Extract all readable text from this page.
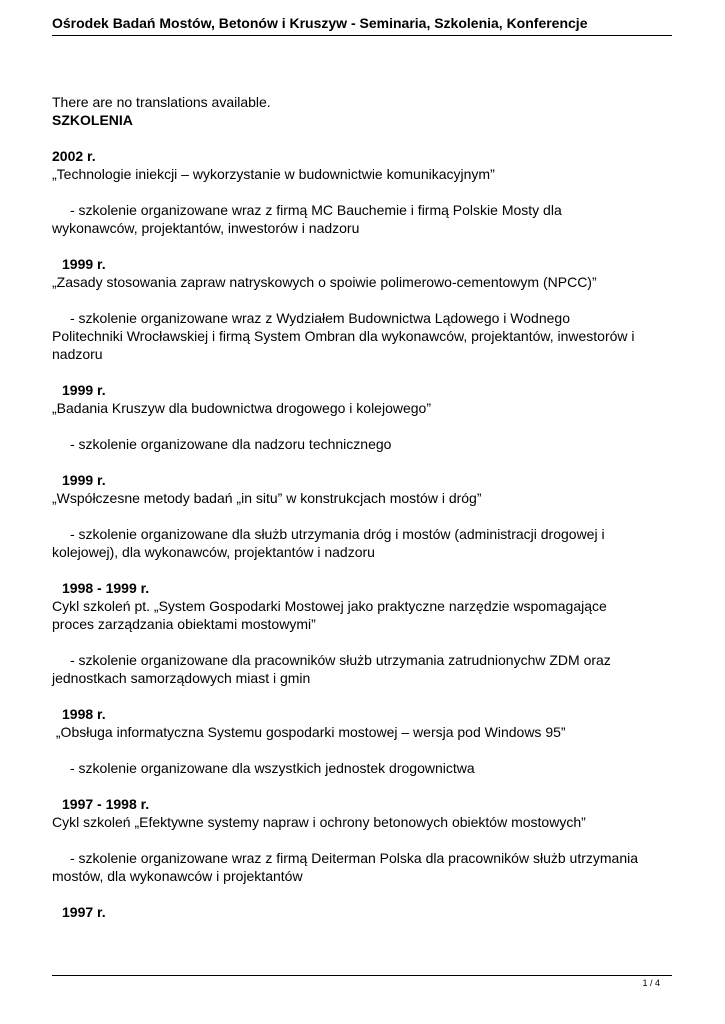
Ośrodek Badań Mostów, Betonów i Kruszyw - Seminaria, Szkolenia, Konferencje

There are no translations available.

SZKOLENIA

2002 r.

„Technologie iniekcji – wykorzystanie w budownictwie komunikacyjnym”

- szkolenie organizowane wraz z firmą MC Bauchemie i firmą Polskie Mosty dla

wykonawców, projektantów, inwestorów i nadzoru

1999 r.

„Zasady stosowania zapraw natryskowych o spoiwie polimerowo-cementowym (NPCC)”

- szkolenie organizowane wraz z Wydziałem Budownictwa Lądowego i Wodnego

Politechniki Wrocławskiej i firmą System Ombran dla wykonawców, projektantów, inwestorów i

nadzoru

1999 r.

„Badania Kruszyw dla budownictwa drogowego i kolejowego”

- szkolenie organizowane dla nadzoru technicznego

1999 r.

„Współczesne metody badań „in situ” w konstrukcjach mostów i dróg”

- szkolenie organizowane dla służb utrzymania dróg i mostów (administracji drogowej i

kolejowej), dla wykonawców, projektantów i nadzoru

1998 - 1999 r.

Cykl szkoleń pt. „System Gospodarki Mostowej jako praktyczne narzędzie wspomagające

proces zarządzania obiektami mostowymi”

- szkolenie organizowane dla pracowników służb utrzymania zatrudnionychw ZDM oraz

jednostkach samorządowych miast i gmin

1998 r.

„Obsługa informatyczna Systemu gospodarki mostowej – wersja pod Windows 95”

- szkolenie organizowane dla wszystkich jednostek drogownictwa

1997 - 1998 r.

Cykl szkoleń „Efektywne systemy napraw i ochrony betonowych obiektów mostowych”

- szkolenie organizowane wraz z firmą Deiterman Polska dla pracowników służb utrzymania

mostów, dla wykonawców i projektantów

1997 r.

1 / 4
